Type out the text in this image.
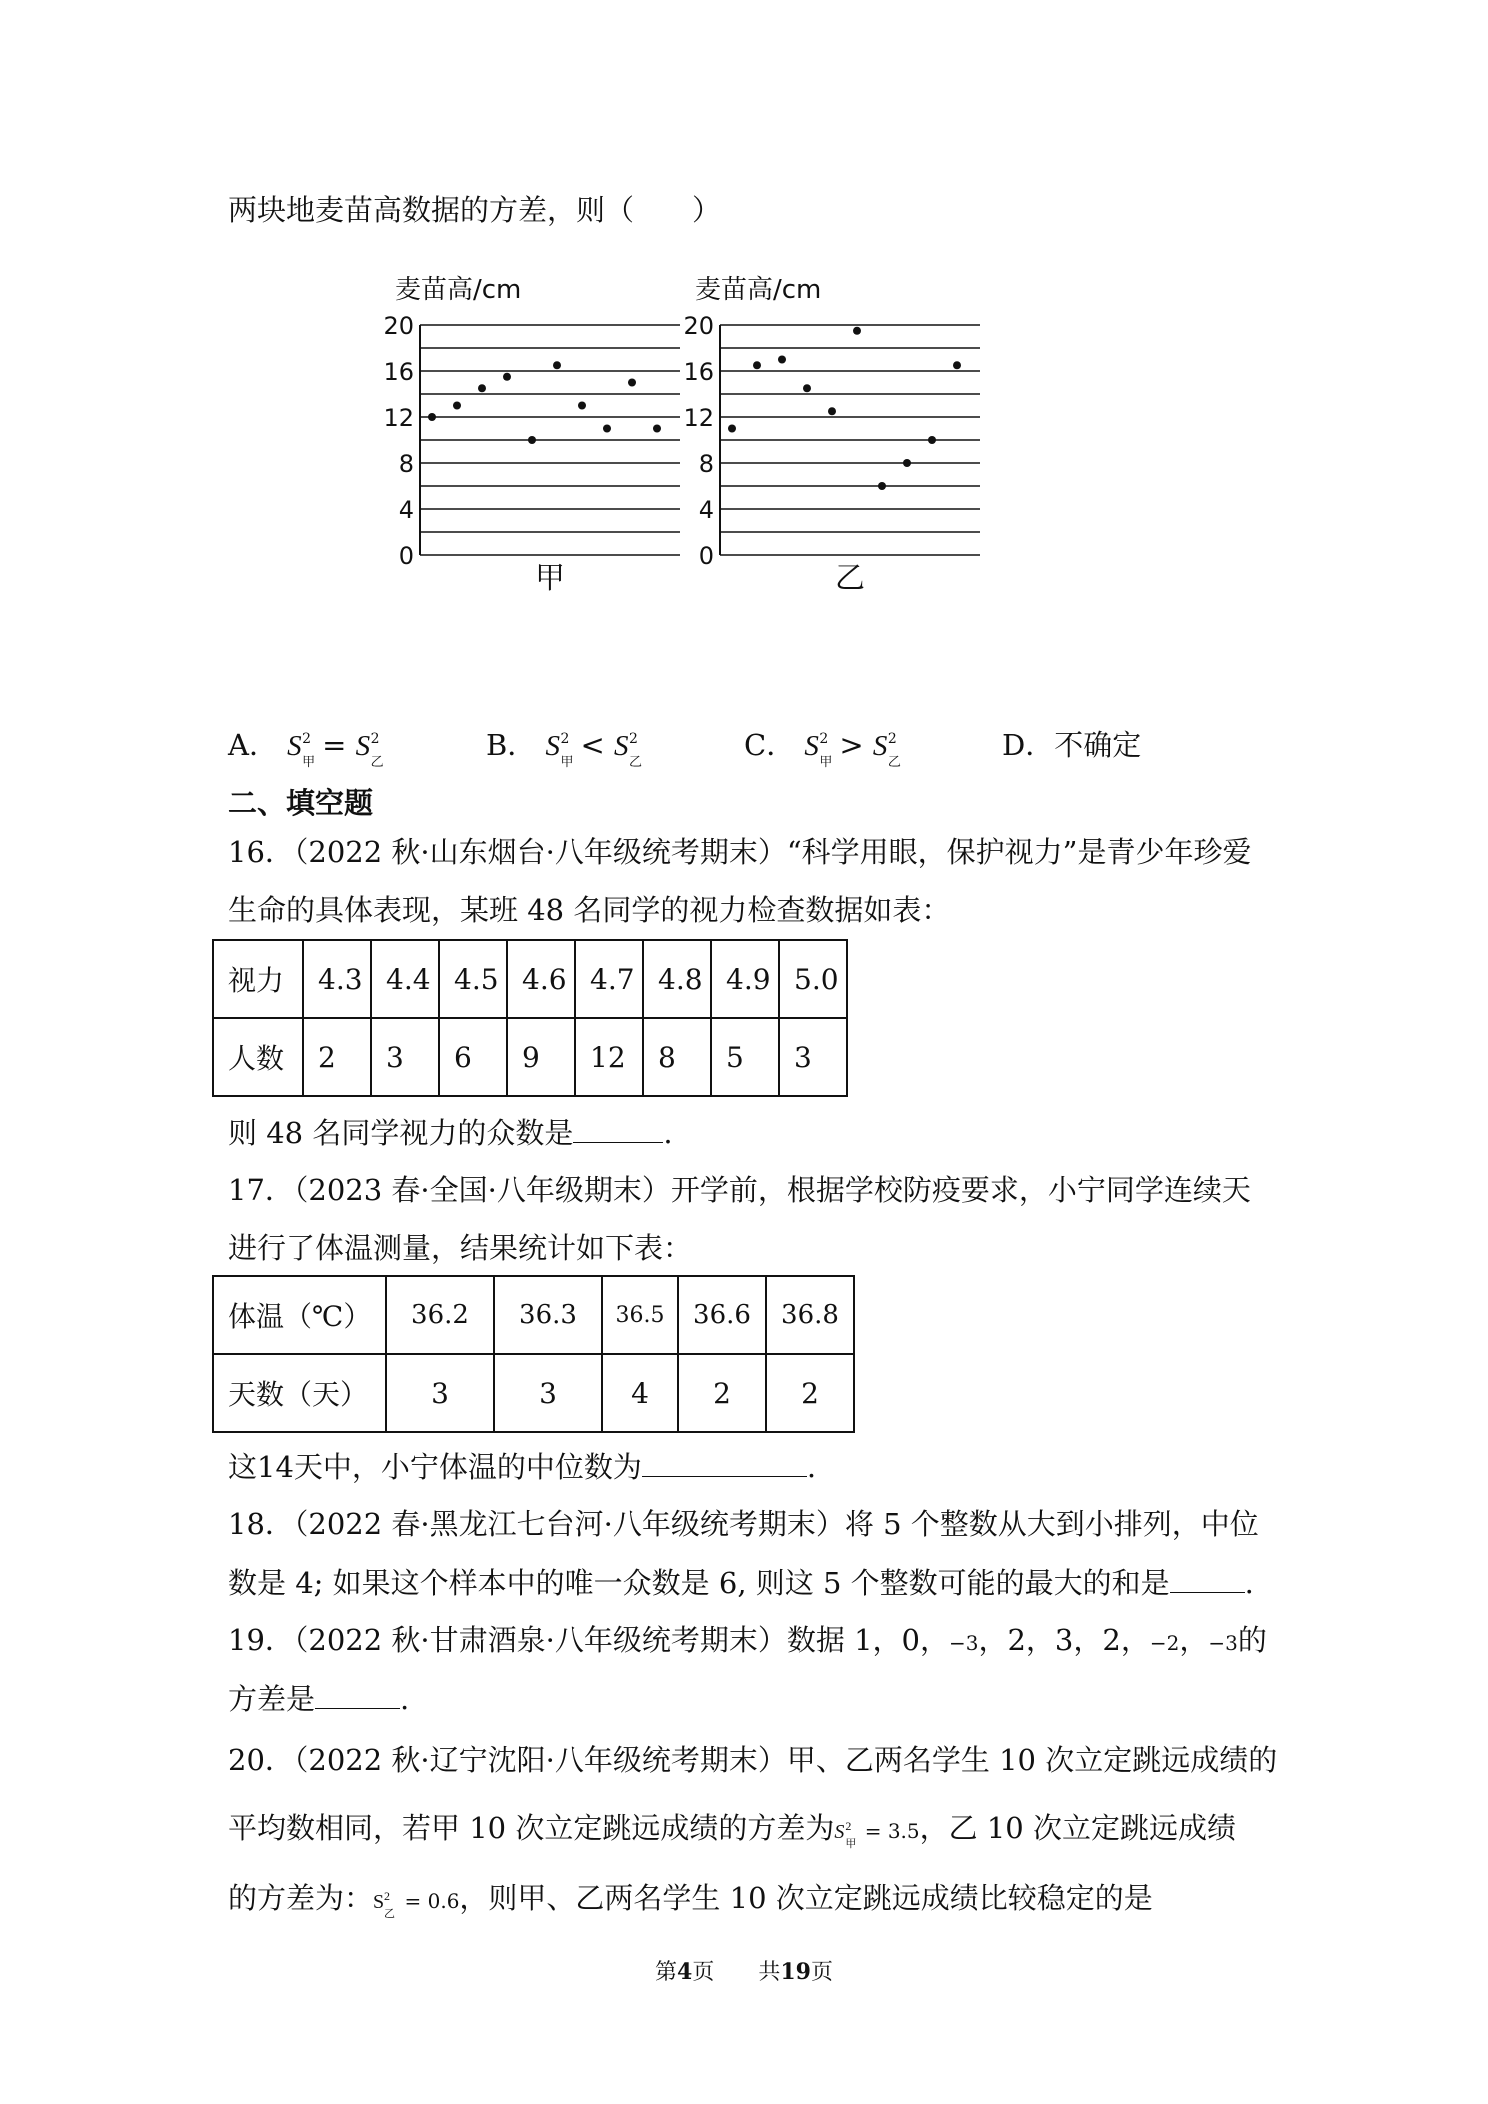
两块地麦苗高数据的方差，则（　　）
麦苗高/cm
20
16
12
8
4
0
甲
麦苗高/cm
20
16
12
8
4
0
乙
A． S 2
甲
= S 2
乙
B． S 2
甲
< S 2
乙
C． S 2
甲
> S 2
乙
D．不确定
二、填空题
16．（2022 秋·山东烟台·八年级统考期末）“科学用眼，保护视力”是青少年珍爱
生命的具体表现，某班 48 名同学的视力检查数据如表：
视力	4.3	4.4	4.5	4.6	4.7	4.8	4.9	5.0
人数	2	3	6	9	12	8	5	3
则 48 名同学视力的众数是	.
17．（2023 春·全国·八年级期末）开学前，根据学校防疫要求，小宁同学连续天
进行了体温测量，结果统计如下表：
体温（℃）	36.2	36.3	36.5	36.6	36.8
天数（天）	3	3	4	2	2
这14天中，小宁体温的中位数为	.
18．（2022 春·黑龙江七台河·八年级统考期末）将 5 个整数从大到小排列，中位
数是 4; 如果这个样本中的唯一众数是 6, 则这 5 个整数可能的最大的和是	.
19．（2022 秋·甘肃酒泉·八年级统考期末）数据 1，0，−3，2，3，2，−2，−3的
方差是	.
20．（2022 秋·辽宁沈阳·八年级统考期末）甲、乙两名学生 10 次立定跳远成绩的
平均数相同，若甲 10 次立定跳远成绩的方差为S 2
甲
= 3.5，乙 10 次立定跳远成绩
的方差为：S 2
乙
= 0.6，则甲、乙两名学生 10 次立定跳远成绩比较稳定的是
第4页　　共19页
